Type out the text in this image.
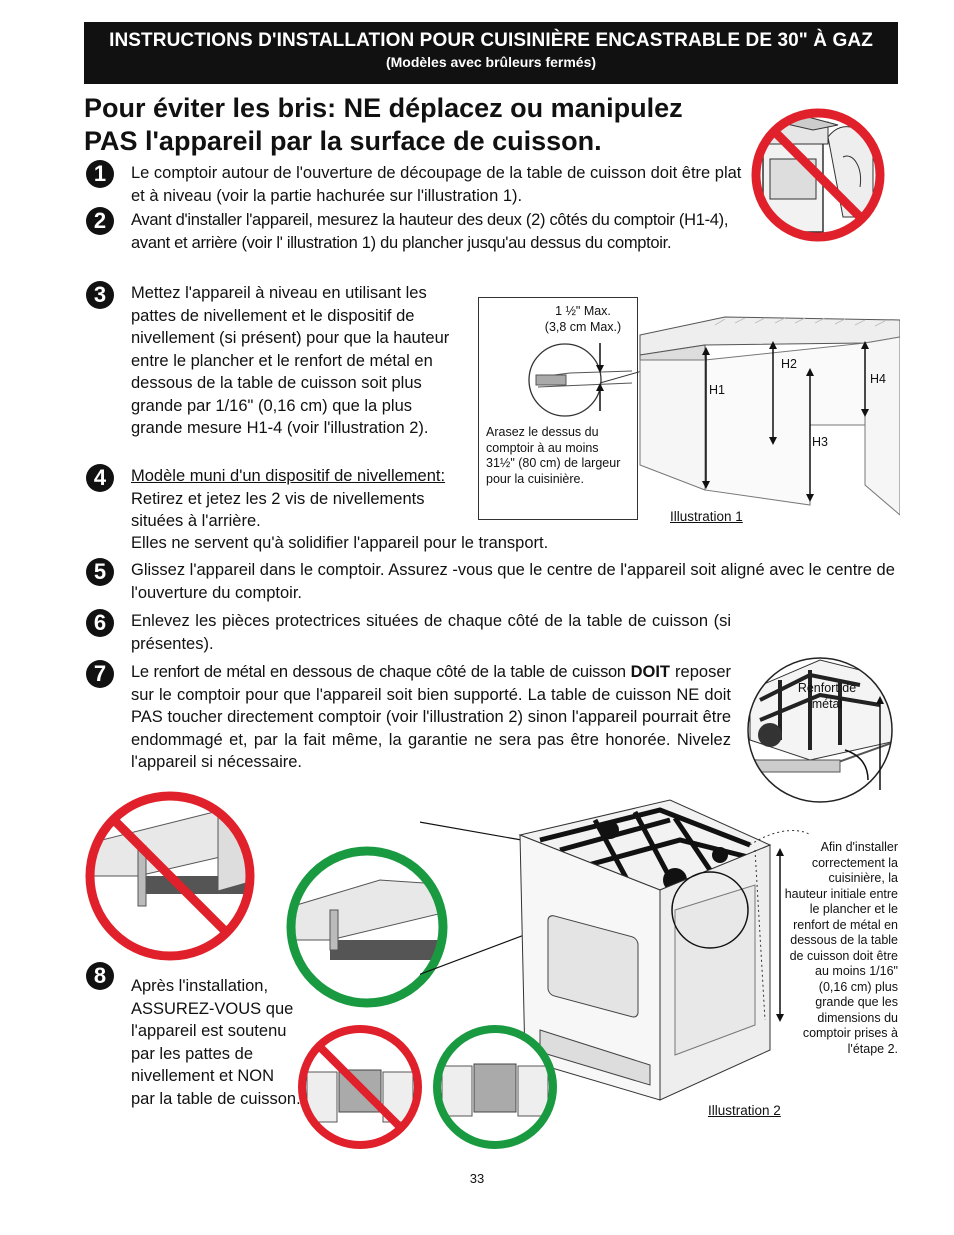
INSTRUCTIONS D'INSTALLATION POUR CUISINIÈRE ENCASTRABLE DE 30" À GAZ
(Modèles avec brûleurs fermés)
Pour éviter les bris: NE déplacez ou manipulez
PAS l'appareil par la surface de cuisson.
1	Le comptoir autour de l'ouverture de découpage de la table de cuisson doit être plat et à niveau (voir la partie hachurée sur l'illustration 1).
2	Avant d'installer l'appareil, mesurez la hauteur des deux (2) côtés du comptoir (H1-4), avant et arrière (voir l' illustration 1) du plancher jusqu'au dessus du comptoir.
3	Mettez l'appareil à niveau en utilisant les pattes de nivellement et le dispositif de nivellement (si présent) pour que la hauteur entre le plancher et le renfort de métal en dessous de la table de cuisson soit plus grande par 1/16" (0,16 cm) que la plus grande mesure H1-4 (voir l'illustration 2).
4	Modèle muni d'un dispositif de nivellement: Retirez et jetez les 2 vis de nivellements situées à l'arrière.
Elles ne servent qu'à solidifier l'appareil pour le transport.
1 ½" Max.
(3,8 cm Max.)
Arasez le dessus du comptoir à au moins 31½" (80 cm) de largeur pour la cuisinière.
H1
H2
H3
H4
Illustration 1
5	Glissez l'appareil dans le comptoir. Assurez -vous que le centre de l'appareil soit aligné avec le centre de l'ouverture du comptoir.
6	Enlevez les pièces protectrices situées de chaque côté de la table de cuisson (si présentes).
7	Le renfort de métal en dessous de chaque côté de la table de cuisson DOIT reposer sur le comptoir pour que l'appareil soit bien supporté. La table de cuisson NE doit PAS toucher directement comptoir (voir l'illustration 2) sinon l'appareil pourrait être endommagé et, par la fait même, la garantie ne sera pas être honorée. Nivelez l'appareil si nécessaire.
Renfort de métal
Afin d'installer correctement la cuisinière, la hauteur initiale entre le plancher et le renfort de métal en dessous de la table de cuisson doit être au moins 1/16" (0,16 cm) plus grande que les dimensions du comptoir prises à l'étape 2.
Illustration 2
8	Après l'installation, ASSUREZ-VOUS que l'appareil est soutenu par les pattes de nivellement et NON par la table de cuisson.
33
